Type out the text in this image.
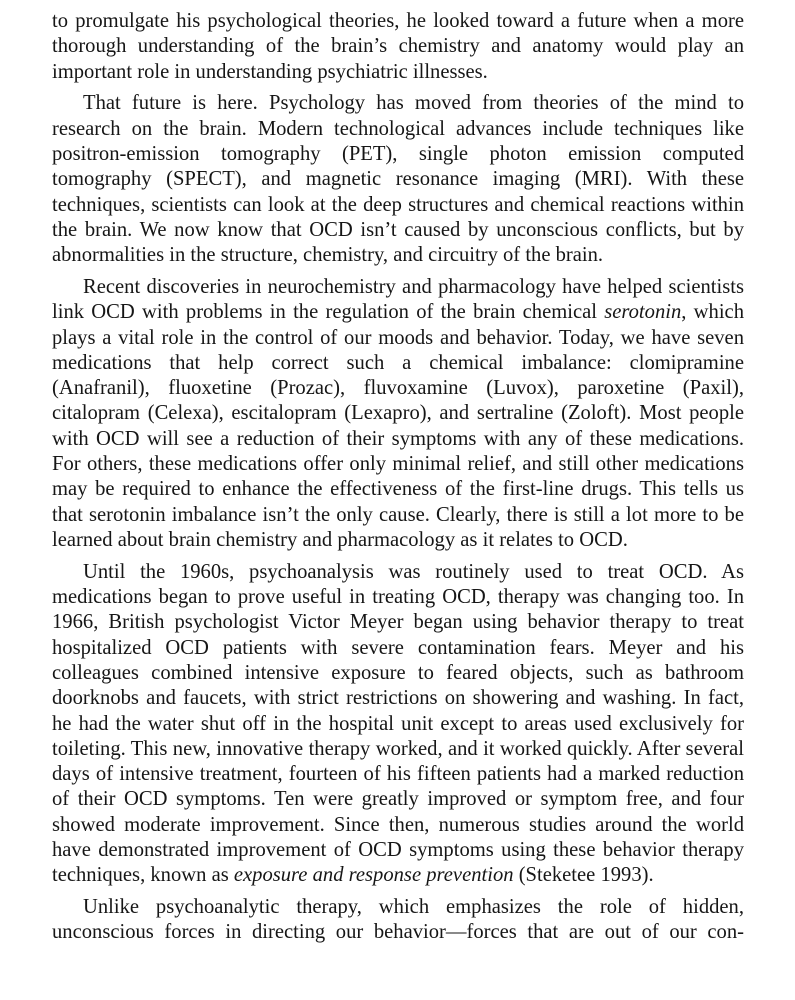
to promulgate his psychological theories, he looked toward a future when a more thorough understanding of the brain’s chemistry and anatomy would play an important role in understanding psychiatric illnesses.

That future is here. Psychology has moved from theories of the mind to research on the brain. Modern technological advances include techniques like positron-emission tomography (PET), single photon emission computed tomography (SPECT), and magnetic resonance imaging (MRI). With these techniques, scientists can look at the deep structures and chemical reactions within the brain. We now know that OCD isn’t caused by unconscious conflicts, but by abnormalities in the structure, chemistry, and circuitry of the brain.

Recent discoveries in neurochemistry and pharmacology have helped scientists link OCD with problems in the regulation of the brain chemical serotonin, which plays a vital role in the control of our moods and behavior. Today, we have seven medications that help correct such a chemical imbalance: clomipramine (Anafranil), fluoxetine (Prozac), fluvoxamine (Luvox), paroxetine (Paxil), citalopram (Celexa), escitalopram (Lexapro), and sertraline (Zoloft). Most people with OCD will see a reduction of their symptoms with any of these medications. For others, these medications offer only minimal relief, and still other medications may be required to enhance the effectiveness of the first-line drugs. This tells us that serotonin imbalance isn’t the only cause. Clearly, there is still a lot more to be learned about brain chemistry and pharmacology as it relates to OCD.

Until the 1960s, psychoanalysis was routinely used to treat OCD. As medications began to prove useful in treating OCD, therapy was changing too. In 1966, British psychologist Victor Meyer began using behavior therapy to treat hospitalized OCD patients with severe contamination fears. Meyer and his colleagues combined intensive exposure to feared objects, such as bathroom doorknobs and faucets, with strict restrictions on showering and washing. In fact, he had the water shut off in the hospital unit except to areas used exclusively for toileting. This new, innovative therapy worked, and it worked quickly. After several days of intensive treatment, fourteen of his fifteen patients had a marked reduction of their OCD symptoms. Ten were greatly improved or symptom free, and four showed moderate improvement. Since then, numerous studies around the world have demonstrated improvement of OCD symptoms using these behavior therapy techniques, known as exposure and response prevention (Steketee 1993).

Unlike psychoanalytic therapy, which emphasizes the role of hidden, unconscious forces in directing our behavior—forces that are out of our con-
